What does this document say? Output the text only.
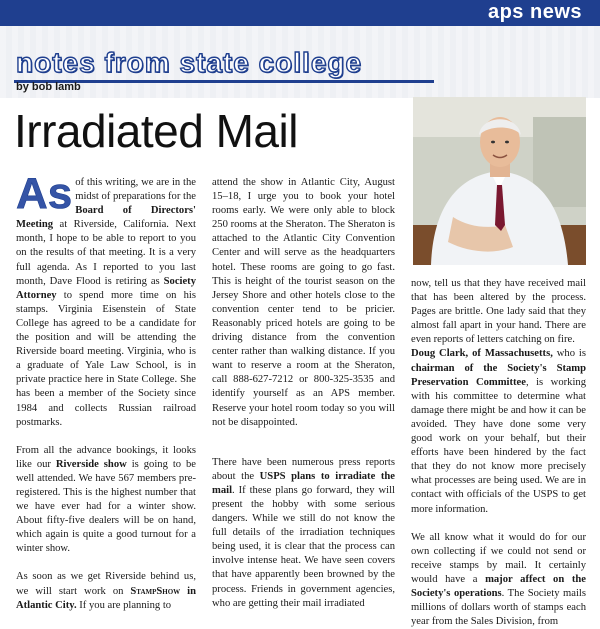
aps news
notes from state college
by bob lamb
Irradiated Mail

As of this writing, we are in the midst of preparations for the Board of Directors' Meeting at Riverside, California. Next month, I hope to be able to report to you on the results of that meeting. It is a very full agenda. As I reported to you last month, Dave Flood is retiring as Society Attorney to spend more time on his stamps. Virginia Eisenstein of State College has agreed to be a candidate for the position and will be attending the Riverside board meeting. Virginia, who is a graduate of Yale Law School, is in private practice here in State College. She has been a member of the Society since 1984 and collects Russian railroad postmarks.

From all the advance bookings, it looks like our Riverside show is going to be well attended. We have 567 members pre-registered. This is the highest number that we have ever had for a winter show. About fifty-five dealers will be on hand, which again is quite a good turnout for a winter show.

As soon as we get Riverside behind us, we will start work on StampShow in Atlantic City. If you are planning to

attend the show in Atlantic City, August 15–18, I urge you to book your hotel rooms early. We were only able to block 250 rooms at the Sheraton. The Sheraton is attached to the Atlantic City Convention Center and will serve as the headquarters hotel. These rooms are going to go fast. This is height of the tourist season on the Jersey Shore and other hotels close to the convention center tend to be pricier. Reasonably priced hotels are going to be driving distance from the convention center rather than walking distance. If you want to reserve a room at the Sheraton, call 888-627-7212 or 800-325-3535 and identify yourself as an APS member. Reserve your hotel room today so you will not be disappointed.

There have been numerous press reports about the USPS plans to irradiate the mail. If these plans go forward, they will present the hobby with some serious dangers. While we still do not know the full details of the irradiation techniques being used, it is clear that the process can involve intense heat. We have seen covers that have apparently been browned by the process. Friends in government agencies, who are getting their mail irradiated

now, tell us that they have received mail that has been altered by the process. Pages are brittle. One lady said that they almost fall apart in your hand. There are even reports of letters catching on fire.

Doug Clark, of Massachusetts, who is chairman of the Society's Stamp Preservation Committee, is working with his committee to determine what damage there might be and how it can be avoided. They have done some very good work on your behalf, but their efforts have been hindered by the fact that they do not know more precisely what processes are being used. We are in contact with officials of the USPS to get more information.

We all know what it would do for our own collecting if we could not send or receive stamps by mail. It certainly would have a major affect on the Society's operations. The Society mails millions of dollars worth of stamps each year from the Sales Division, from
